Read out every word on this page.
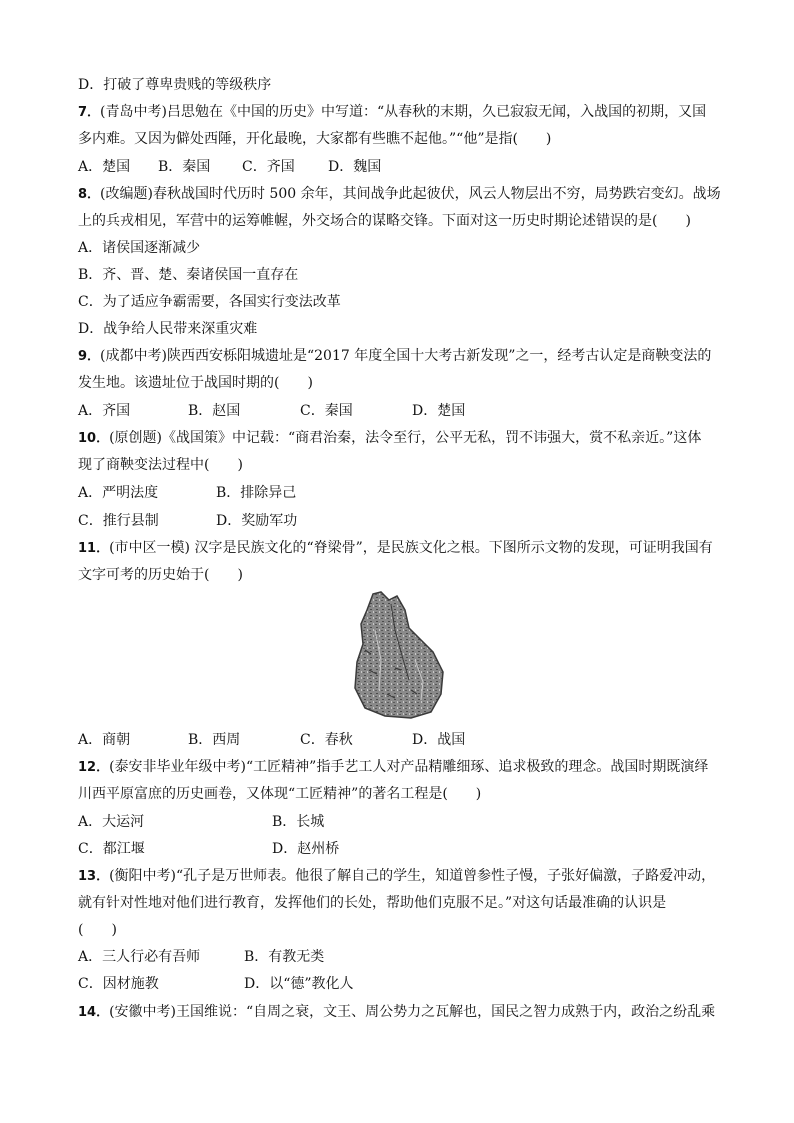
D．打破了尊卑贵贱的等级秩序
7．(青岛中考)吕思勉在《中国的历史》中写道：“从春秋的末期，久已寂寂无闻，入战国的初期，又国
多内难。又因为僻处西陲，开化最晚，大家都有些瞧不起他。”“他”是指(　　)
A．楚国 B．秦国 C．齐国 D．魏国
8．(改编题)春秋战国时代历时 500 余年，其间战争此起彼伏，风云人物层出不穷，局势跌宕变幻。战场
上的兵戎相见，军营中的运筹帷幄，外交场合的谋略交锋。下面对这一历史时期论述错误的是(　　)
A．诸侯国逐渐减少
B．齐、晋、楚、秦诸侯国一直存在
C．为了适应争霸需要，各国实行变法改革
D．战争给人民带来深重灾难
9．(成都中考)陕西西安栎阳城遗址是“2017 年度全国十大考古新发现”之一，经考古认定是商鞅变法的
发生地。该遗址位于战国时期的(　　)
A．齐国	B．赵国	C．秦国	D．楚国
10．(原创题)《战国策》中记载：“商君治秦，法令至行，公平无私，罚不讳强大，赏不私亲近。”这体
现了商鞅变法过程中(　　)
A．严明法度	B．排除异己
C．推行县制	D．奖励军功
11．(市中区一模) 汉字是民族文化的“脊梁骨”，是民族文化之根。下图所示文物的发现，可证明我国有
文字可考的历史始于(　　)
A．商朝	B．西周	C．春秋	D．战国
12．(泰安非毕业年级中考)“工匠精神”指手艺工人对产品精雕细琢、追求极致的理念。战国时期既演绎
川西平原富庶的历史画卷，又体现“工匠精神”的著名工程是(　　)
A．大运河	B．长城
C．都江堰	D．赵州桥
13．(衡阳中考)“孔子是万世师表。他很了解自己的学生，知道曾参性子慢，子张好偏激，子路爱冲动，
就有针对性地对他们进行教育，发挥他们的长处，帮助他们克服不足。”对这句话最准确的认识是
(　　)
A．三人行必有吾师	B．有教无类
C．因材施教	D．以“德”教化人
14．(安徽中考)王国维说：“自周之衰，文王、周公势力之瓦解也，国民之智力成熟于内，政治之纷乱乘
